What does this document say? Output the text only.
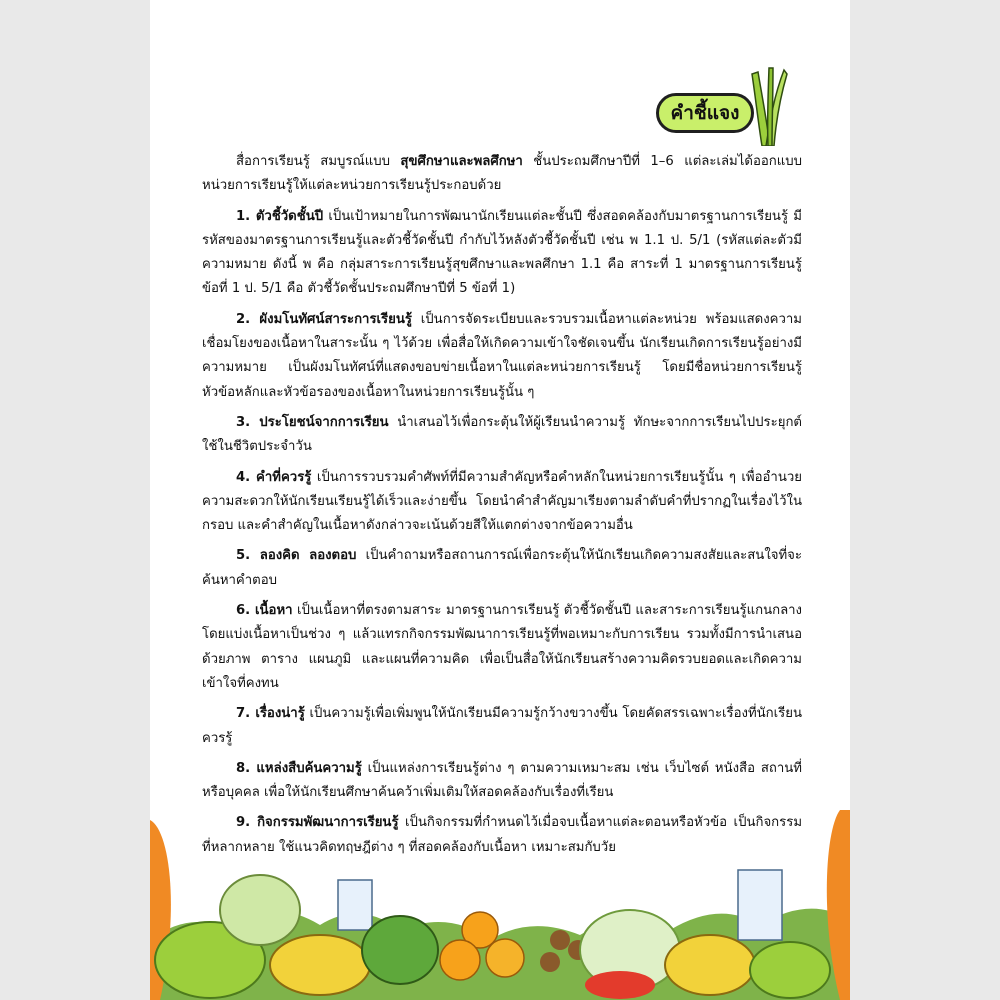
คำชี้แจง

สื่อการเรียนรู้ สมบูรณ์แบบ สุขศึกษาและพลศึกษา ชั้นประถมศึกษาปีที่ 1–6 แต่ละเล่มได้ออกแบบหน่วยการเรียนรู้ให้แต่ละหน่วยการเรียนรู้ประกอบด้วย

1. ตัวชี้วัดชั้นปี เป็นเป้าหมายในการพัฒนานักเรียนแต่ละชั้นปี ซึ่งสอดคล้องกับมาตรฐานการเรียนรู้ มีรหัสของมาตรฐานการเรียนรู้และตัวชี้วัดชั้นปี กำกับไว้หลังตัวชี้วัดชั้นปี เช่น พ 1.1 ป. 5/1 (รหัสแต่ละตัวมีความหมาย ดังนี้ พ คือ กลุ่มสาระการเรียนรู้สุขศึกษาและพลศึกษา 1.1 คือ สาระที่ 1 มาตรฐานการเรียนรู้ข้อที่ 1 ป. 5/1 คือ ตัวชี้วัดชั้นประถมศึกษาปีที่ 5 ข้อที่ 1)

2. ผังมโนทัศน์สาระการเรียนรู้ เป็นการจัดระเบียบและรวบรวมเนื้อหาแต่ละหน่วย พร้อมแสดงความเชื่อมโยงของเนื้อหาในสาระนั้น ๆ ไว้ด้วย เพื่อสื่อให้เกิดความเข้าใจชัดเจนขึ้น นักเรียนเกิดการเรียนรู้อย่างมีความหมาย เป็นผังมโนทัศน์ที่แสดงขอบข่ายเนื้อหาในแต่ละหน่วยการเรียนรู้ โดยมีชื่อหน่วยการเรียนรู้ หัวข้อหลักและหัวข้อรองของเนื้อหาในหน่วยการเรียนรู้นั้น ๆ

3. ประโยชน์จากการเรียน นำเสนอไว้เพื่อกระตุ้นให้ผู้เรียนนำความรู้ ทักษะจากการเรียนไปประยุกต์ใช้ในชีวิตประจำวัน

4. คำที่ควรรู้ เป็นการรวบรวมคำศัพท์ที่มีความสำคัญหรือคำหลักในหน่วยการเรียนรู้นั้น ๆ เพื่ออำนวยความสะดวกให้นักเรียนเรียนรู้ได้เร็วและง่ายขึ้น โดยนำคำสำคัญมาเรียงตามลำดับคำที่ปรากฏในเรื่องไว้ในกรอบ และคำสำคัญในเนื้อหาดังกล่าวจะเน้นด้วยสีให้แตกต่างจากข้อความอื่น

5. ลองคิด ลองตอบ เป็นคำถามหรือสถานการณ์เพื่อกระตุ้นให้นักเรียนเกิดความสงสัยและสนใจที่จะค้นหาคำตอบ

6. เนื้อหา เป็นเนื้อหาที่ตรงตามสาระ มาตรฐานการเรียนรู้ ตัวชี้วัดชั้นปี และสาระการเรียนรู้แกนกลาง โดยแบ่งเนื้อหาเป็นช่วง ๆ แล้วแทรกกิจกรรมพัฒนาการเรียนรู้ที่พอเหมาะกับการเรียน รวมทั้งมีการนำเสนอด้วยภาพ ตาราง แผนภูมิ และแผนที่ความคิด เพื่อเป็นสื่อให้นักเรียนสร้างความคิดรวบยอดและเกิดความเข้าใจที่คงทน

7. เรื่องน่ารู้ เป็นความรู้เพื่อเพิ่มพูนให้นักเรียนมีความรู้กว้างขวางขึ้น โดยคัดสรรเฉพาะเรื่องที่นักเรียนควรรู้

8. แหล่งสืบค้นความรู้ เป็นแหล่งการเรียนรู้ต่าง ๆ ตามความเหมาะสม เช่น เว็บไซต์ หนังสือ สถานที่ หรือบุคคล เพื่อให้นักเรียนศึกษาค้นคว้าเพิ่มเติมให้สอดคล้องกับเรื่องที่เรียน

9. กิจกรรมพัฒนาการเรียนรู้ เป็นกิจกรรมที่กำหนดไว้เมื่อจบเนื้อหาแต่ละตอนหรือหัวข้อ เป็นกิจกรรมที่หลากหลาย ใช้แนวคิดทฤษฎีต่าง ๆ ที่สอดคล้องกับเนื้อหา เหมาะสมกับวัย
